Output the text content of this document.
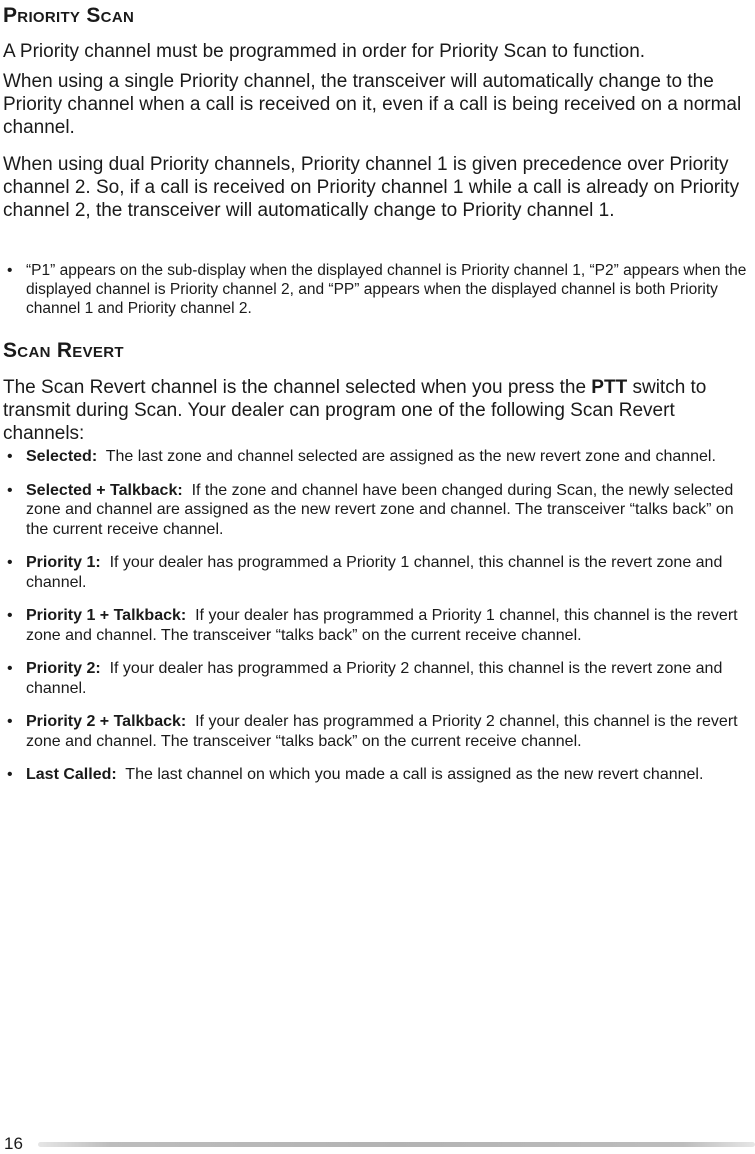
Priority Scan

A Priority channel must be programmed in order for Priority Scan to function.

When using a single Priority channel, the transceiver will automatically change to the Priority channel when a call is received on it, even if a call is being received on a normal channel.

When using dual Priority channels, Priority channel 1 is given precedence over Priority channel 2. So, if a call is received on Priority channel 1 while a call is already on Priority channel 2, the transceiver will automatically change to Priority channel 1.

• “P1” appears on the sub-display when the displayed channel is Priority channel 1, “P2” appears when the displayed channel is Priority channel 2, and “PP” appears when the displayed channel is both Priority channel 1 and Priority channel 2.
Scan Revert

The Scan Revert channel is the channel selected when you press the PTT switch to transmit during Scan. Your dealer can program one of the following Scan Revert channels:

• Selected: The last zone and channel selected are assigned as the new revert zone and channel.
• Selected + Talkback: If the zone and channel have been changed during Scan, the newly selected zone and channel are assigned as the new revert zone and channel. The transceiver “talks back” on the current receive channel.
• Priority 1: If your dealer has programmed a Priority 1 channel, this channel is the revert zone and channel.
• Priority 1 + Talkback: If your dealer has programmed a Priority 1 channel, this channel is the revert zone and channel. The transceiver “talks back” on the current receive channel.
• Priority 2: If your dealer has programmed a Priority 2 channel, this channel is the revert zone and channel.
• Priority 2 + Talkback: If your dealer has programmed a Priority 2 channel, this channel is the revert zone and channel. The transceiver “talks back” on the current receive channel.
• Last Called: The last channel on which you made a call is assigned as the new revert channel.
16
